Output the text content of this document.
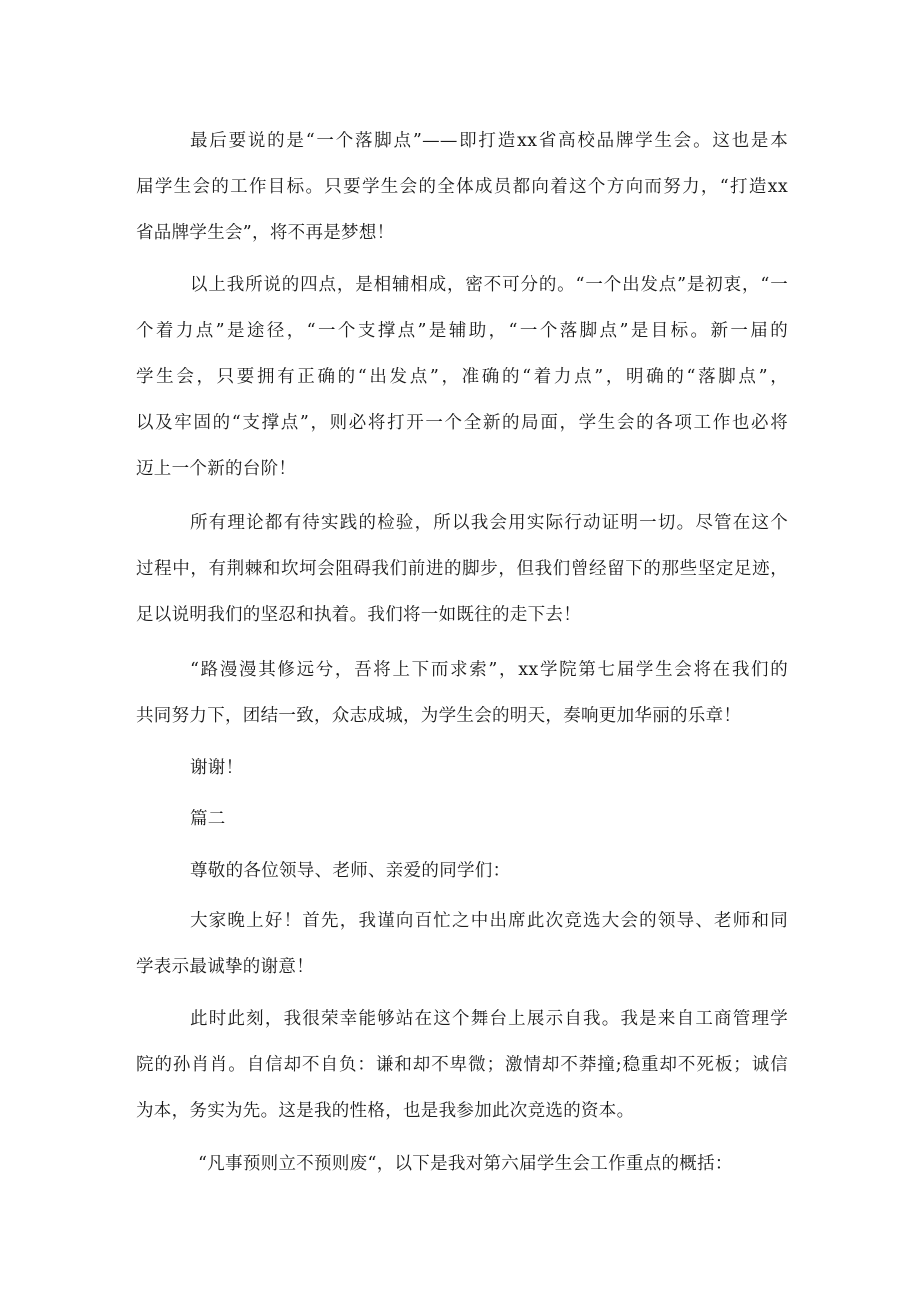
最后要说的是“一个落脚点”——即打造xx省高校品牌学生会。这也是本
届学生会的工作目标。只要学生会的全体成员都向着这个方向而努力，“打造xx
省品牌学生会”，将不再是梦想！

以上我所说的四点，是相辅相成，密不可分的。“一个出发点”是初衷，“一
个着力点”是途径，“一个支撑点”是辅助，“一个落脚点”是目标。新一届的
学生会，只要拥有正确的“出发点”，准确的“着力点”，明确的“落脚点”，
以及牢固的“支撑点”，则必将打开一个全新的局面，学生会的各项工作也必将
迈上一个新的台阶！

所有理论都有待实践的检验，所以我会用实际行动证明一切。尽管在这个
过程中，有荆棘和坎坷会阻碍我们前进的脚步，但我们曾经留下的那些坚定足迹，
足以说明我们的坚忍和执着。我们将一如既往的走下去！

“路漫漫其修远兮，吾将上下而求索”，xx学院第七届学生会将在我们的
共同努力下，团结一致，众志成城，为学生会的明天，奏响更加华丽的乐章！

谢谢！

篇二

尊敬的各位领导、老师、亲爱的同学们：

大家晚上好！首先，我谨向百忙之中出席此次竞选大会的领导、老师和同
学表示最诚挚的谢意！

此时此刻，我很荣幸能够站在这个舞台上展示自我。我是来自工商管理学
院的孙肖肖。自信却不自负：谦和却不卑微；激情却不莽撞;稳重却不死板；诚信
为本，务实为先。这是我的性格，也是我参加此次竞选的资本。

“凡事预则立不预则废“，以下是我对第六届学生会工作重点的概括：
